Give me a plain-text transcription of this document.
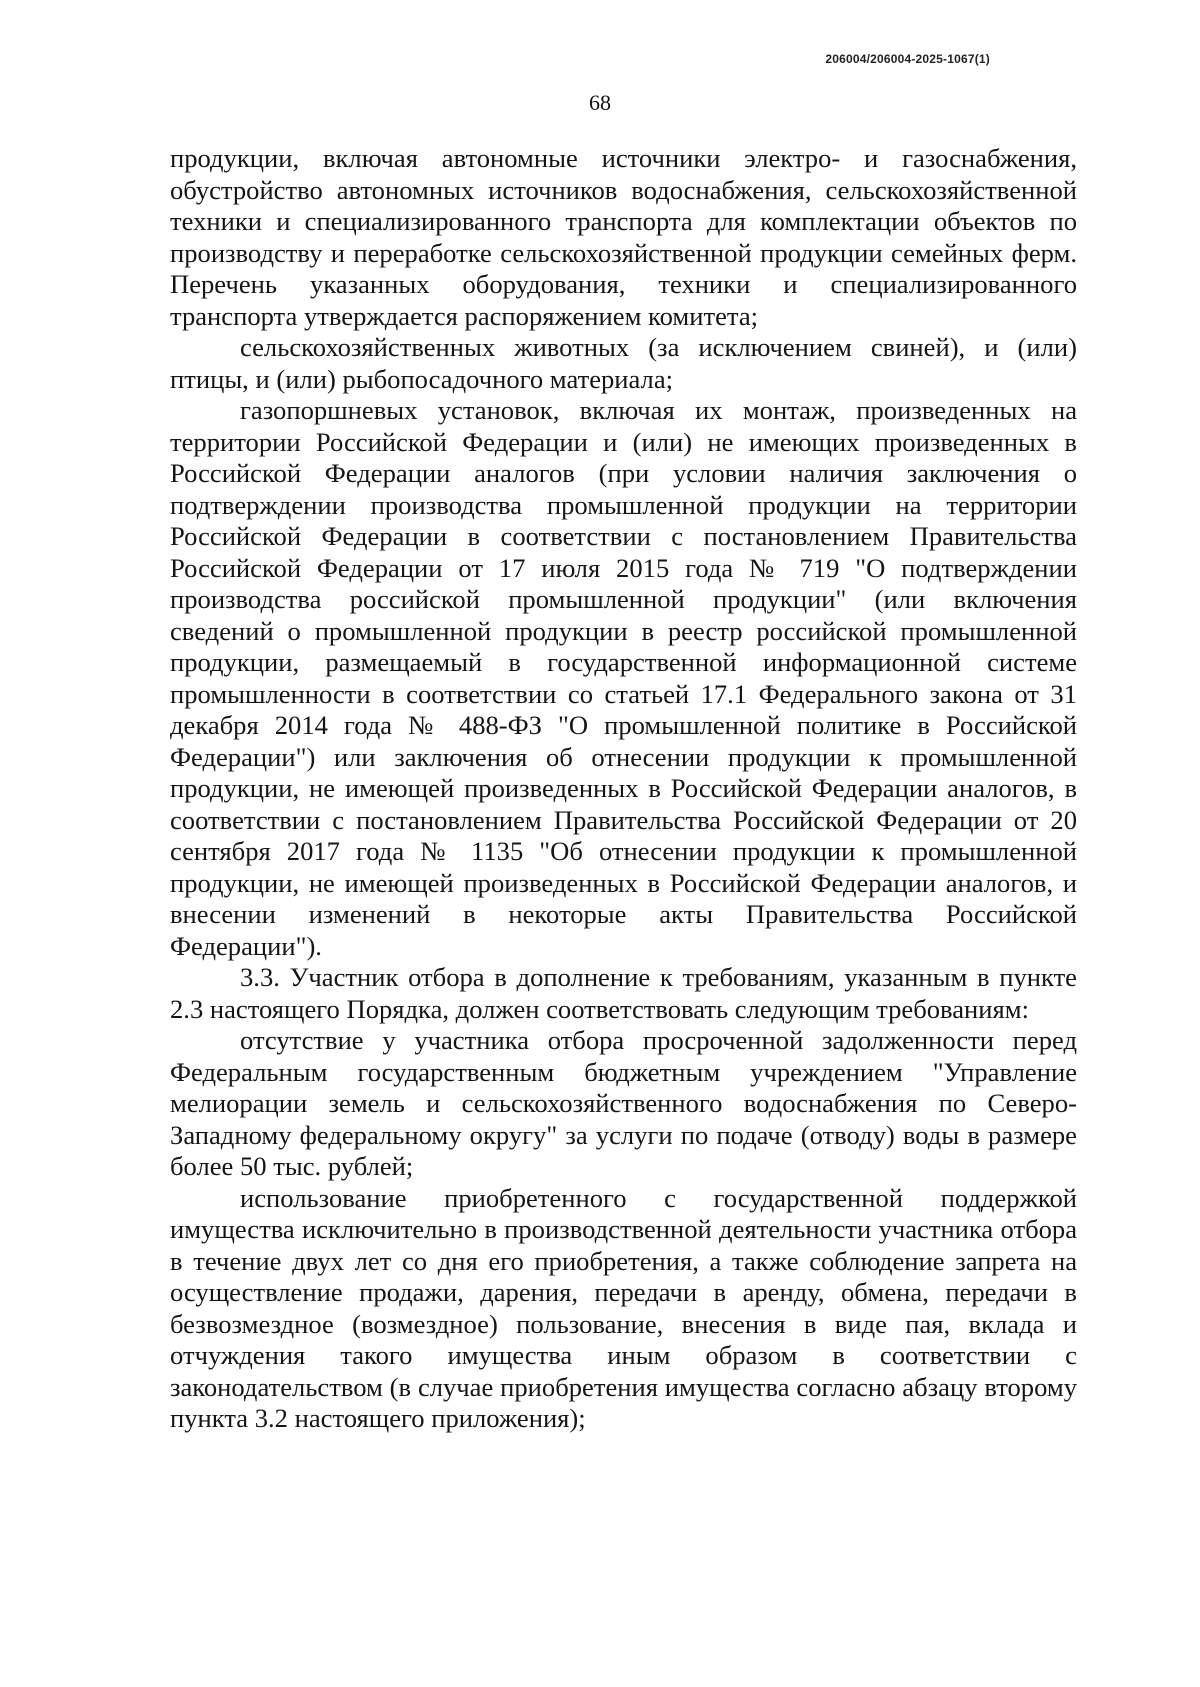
206004/206004-2025-1067(1)
68

продукции, включая автономные источники электро- и газоснабжения, обустройство автономных источников водоснабжения, сельскохозяйственной техники и специализированного транспорта для комплектации объектов по производству и переработке сельскохозяйственной продукции семейных ферм. Перечень указанных оборудования, техники и специализированного транспорта утверждается распоряжением комитета;

сельскохозяйственных животных (за исключением свиней), и (или) птицы, и (или) рыбопосадочного материала;

газопоршневых установок, включая их монтаж, произведенных на территории Российской Федерации и (или) не имеющих произведенных в Российской Федерации аналогов (при условии наличия заключения о подтверждении производства промышленной продукции на территории Российской Федерации в соответствии с постановлением Правительства Российской Федерации от 17 июля 2015 года № 719 "О подтверждении производства российской промышленной продукции" (или включения сведений о промышленной продукции в реестр российской промышленной продукции, размещаемый в государственной информационной системе промышленности в соответствии со статьей 17.1 Федерального закона от 31 декабря 2014 года № 488-ФЗ "О промышленной политике в Российской Федерации") или заключения об отнесении продукции к промышленной продукции, не имеющей произведенных в Российской Федерации аналогов, в соответствии с постановлением Правительства Российской Федерации от 20 сентября 2017 года № 1135 "Об отнесении продукции к промышленной продукции, не имеющей произведенных в Российской Федерации аналогов, и внесении изменений в некоторые акты Правительства Российской Федерации").

3.3. Участник отбора в дополнение к требованиям, указанным в пункте 2.3 настоящего Порядка, должен соответствовать следующим требованиям:

отсутствие у участника отбора просроченной задолженности перед Федеральным государственным бюджетным учреждением "Управление мелиорации земель и сельскохозяйственного водоснабжения по Северо-Западному федеральному округу" за услуги по подаче (отводу) воды в размере более 50 тыс. рублей;

использование приобретенного с государственной поддержкой имущества исключительно в производственной деятельности участника отбора в течение двух лет со дня его приобретения, а также соблюдение запрета на осуществление продажи, дарения, передачи в аренду, обмена, передачи в безвозмездное (возмездное) пользование, внесения в виде пая, вклада и отчуждения такого имущества иным образом в соответствии с законодательством (в случае приобретения имущества согласно абзацу второму пункта 3.2 настоящего приложения);
